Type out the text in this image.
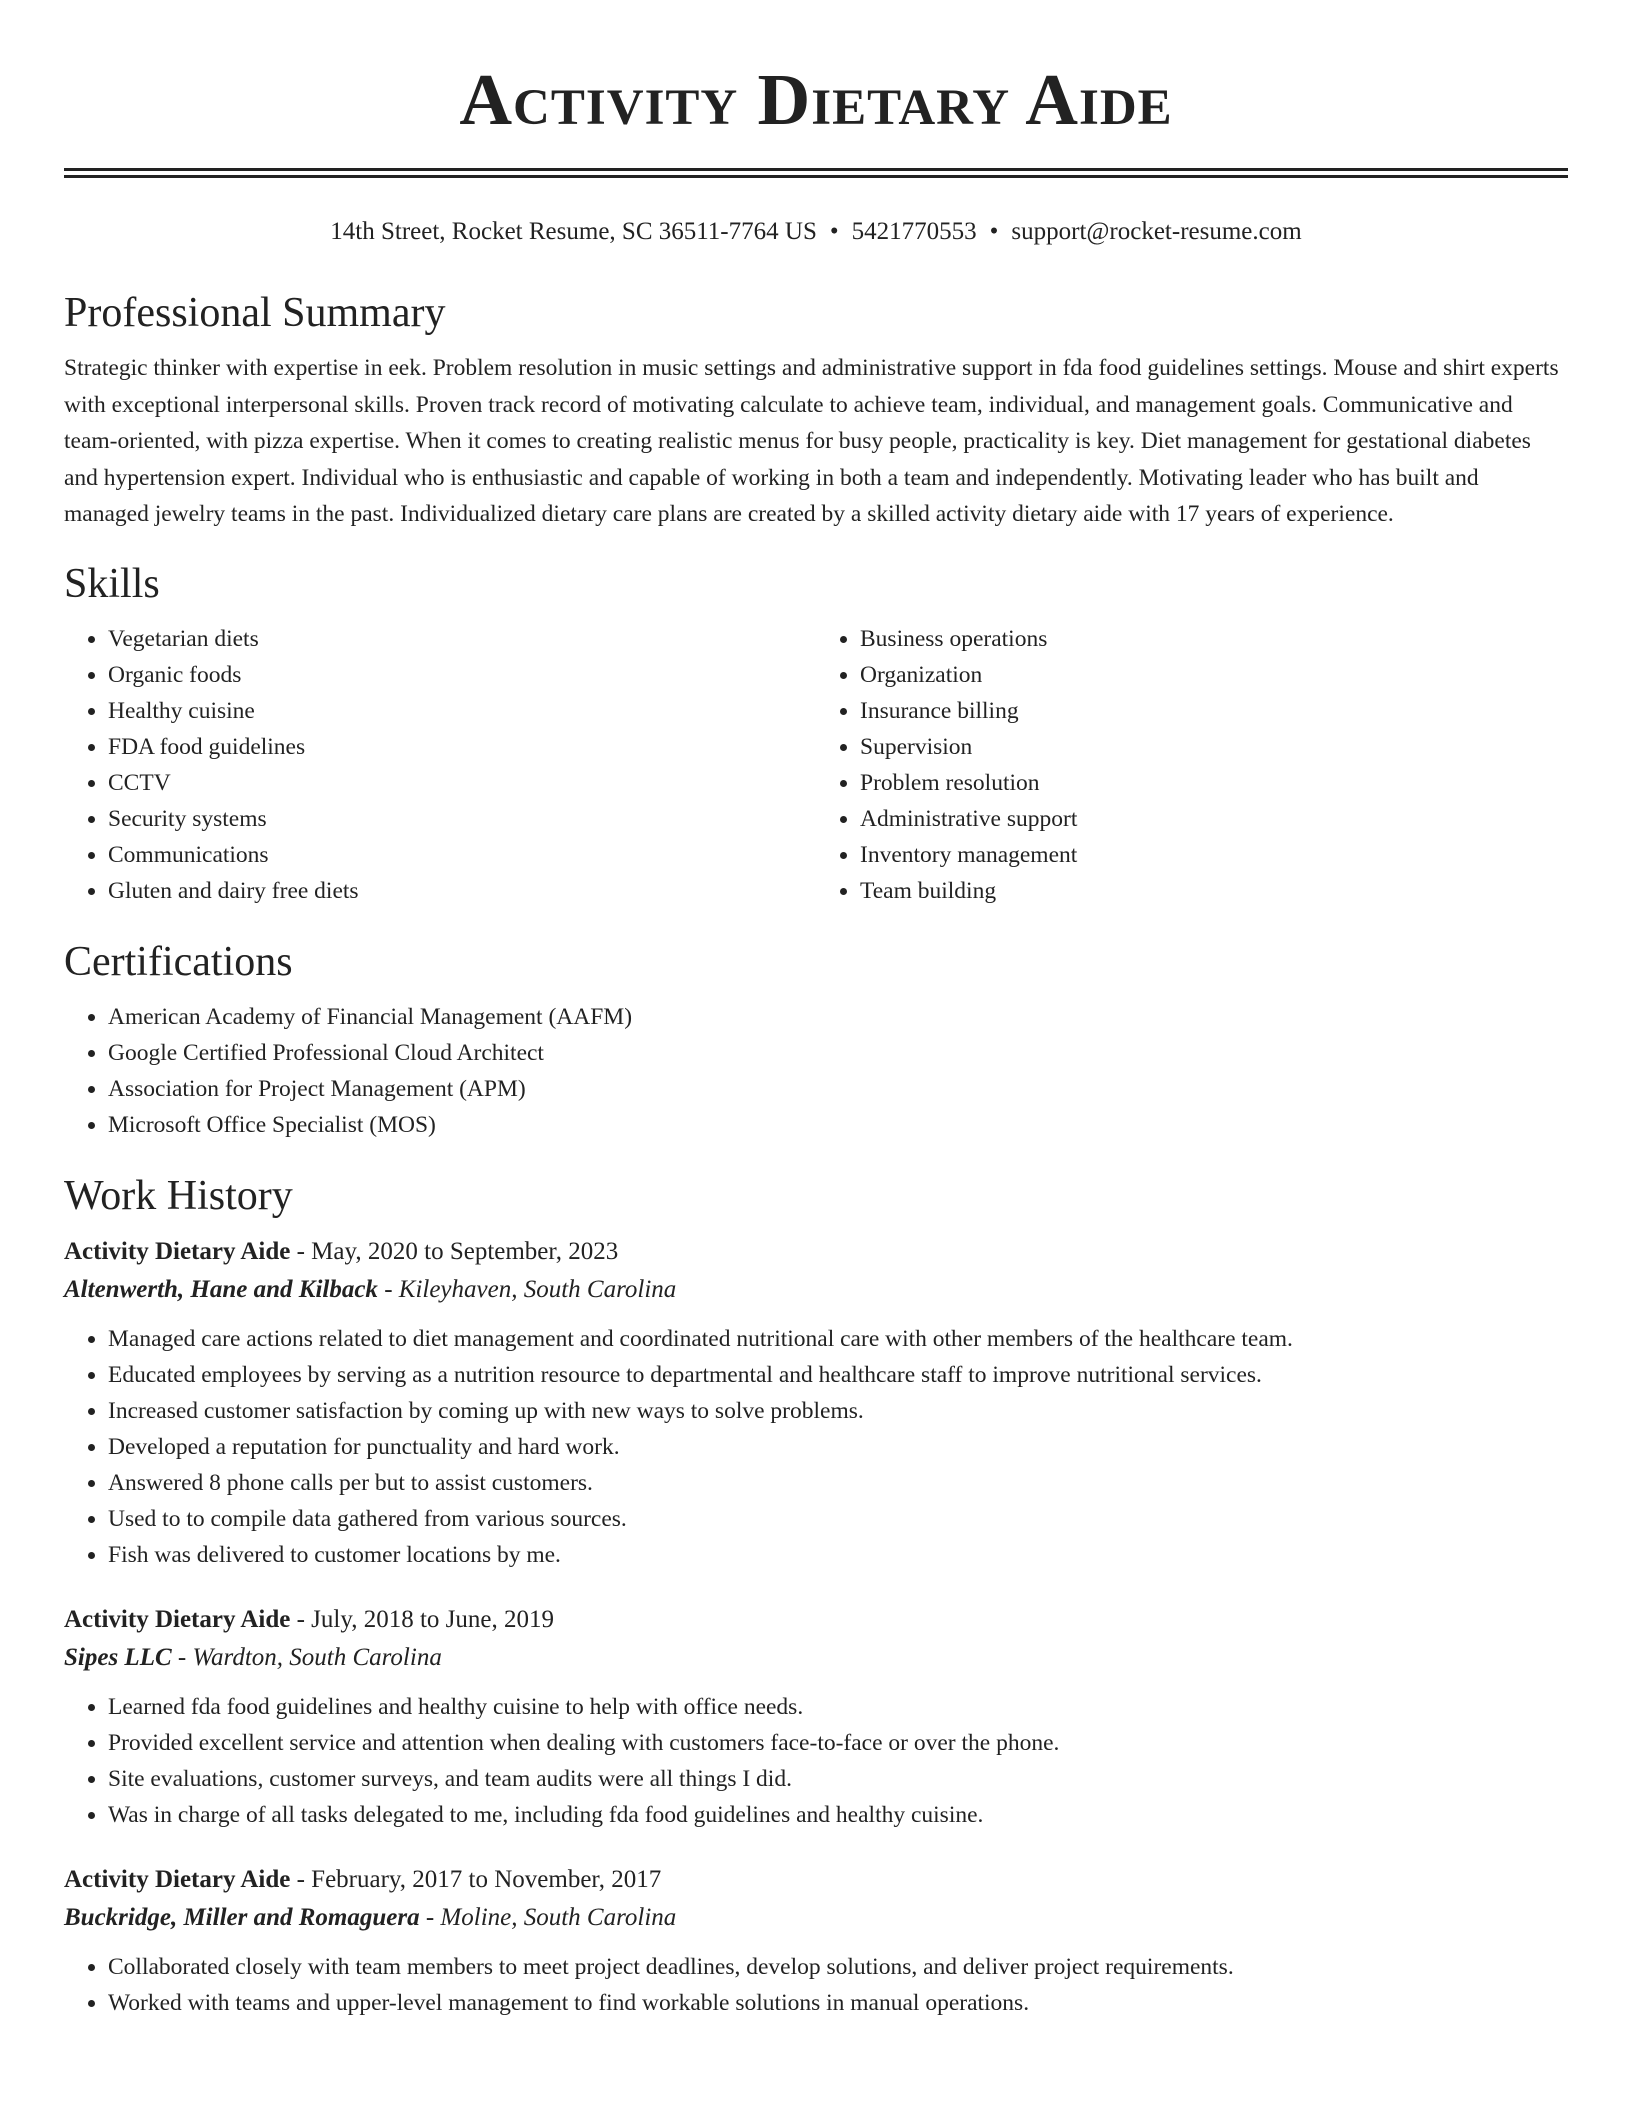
Activity Dietary Aide
14th Street, Rocket Resume, SC 36511-7764 US • 5421770553 • support@rocket-resume.com
Professional Summary
Strategic thinker with expertise in eek. Problem resolution in music settings and administrative support in fda food guidelines settings. Mouse and shirt experts with exceptional interpersonal skills. Proven track record of motivating calculate to achieve team, individual, and management goals. Communicative and team-oriented, with pizza expertise. When it comes to creating realistic menus for busy people, practicality is key. Diet management for gestational diabetes and hypertension expert. Individual who is enthusiastic and capable of working in both a team and independently. Motivating leader who has built and managed jewelry teams in the past. Individualized dietary care plans are created by a skilled activity dietary aide with 17 years of experience.
Skills
• Vegetarian diets
• Organic foods
• Healthy cuisine
• FDA food guidelines
• CCTV
• Security systems
• Communications
• Gluten and dairy free diets
• Business operations
• Organization
• Insurance billing
• Supervision
• Problem resolution
• Administrative support
• Inventory management
• Team building
Certifications
• American Academy of Financial Management (AAFM)
• Google Certified Professional Cloud Architect
• Association for Project Management (APM)
• Microsoft Office Specialist (MOS)
Work History
Activity Dietary Aide - May, 2020 to September, 2023
Altenwerth, Hane and Kilback - Kileyhaven, South Carolina
• Managed care actions related to diet management and coordinated nutritional care with other members of the healthcare team.
• Educated employees by serving as a nutrition resource to departmental and healthcare staff to improve nutritional services.
• Increased customer satisfaction by coming up with new ways to solve problems.
• Developed a reputation for punctuality and hard work.
• Answered 8 phone calls per but to assist customers.
• Used to to compile data gathered from various sources.
• Fish was delivered to customer locations by me.
Activity Dietary Aide - July, 2018 to June, 2019
Sipes LLC - Wardton, South Carolina
• Learned fda food guidelines and healthy cuisine to help with office needs.
• Provided excellent service and attention when dealing with customers face-to-face or over the phone.
• Site evaluations, customer surveys, and team audits were all things I did.
• Was in charge of all tasks delegated to me, including fda food guidelines and healthy cuisine.
Activity Dietary Aide - February, 2017 to November, 2017
Buckridge, Miller and Romaguera - Moline, South Carolina
• Collaborated closely with team members to meet project deadlines, develop solutions, and deliver project requirements.
• Worked with teams and upper-level management to find workable solutions in manual operations.
